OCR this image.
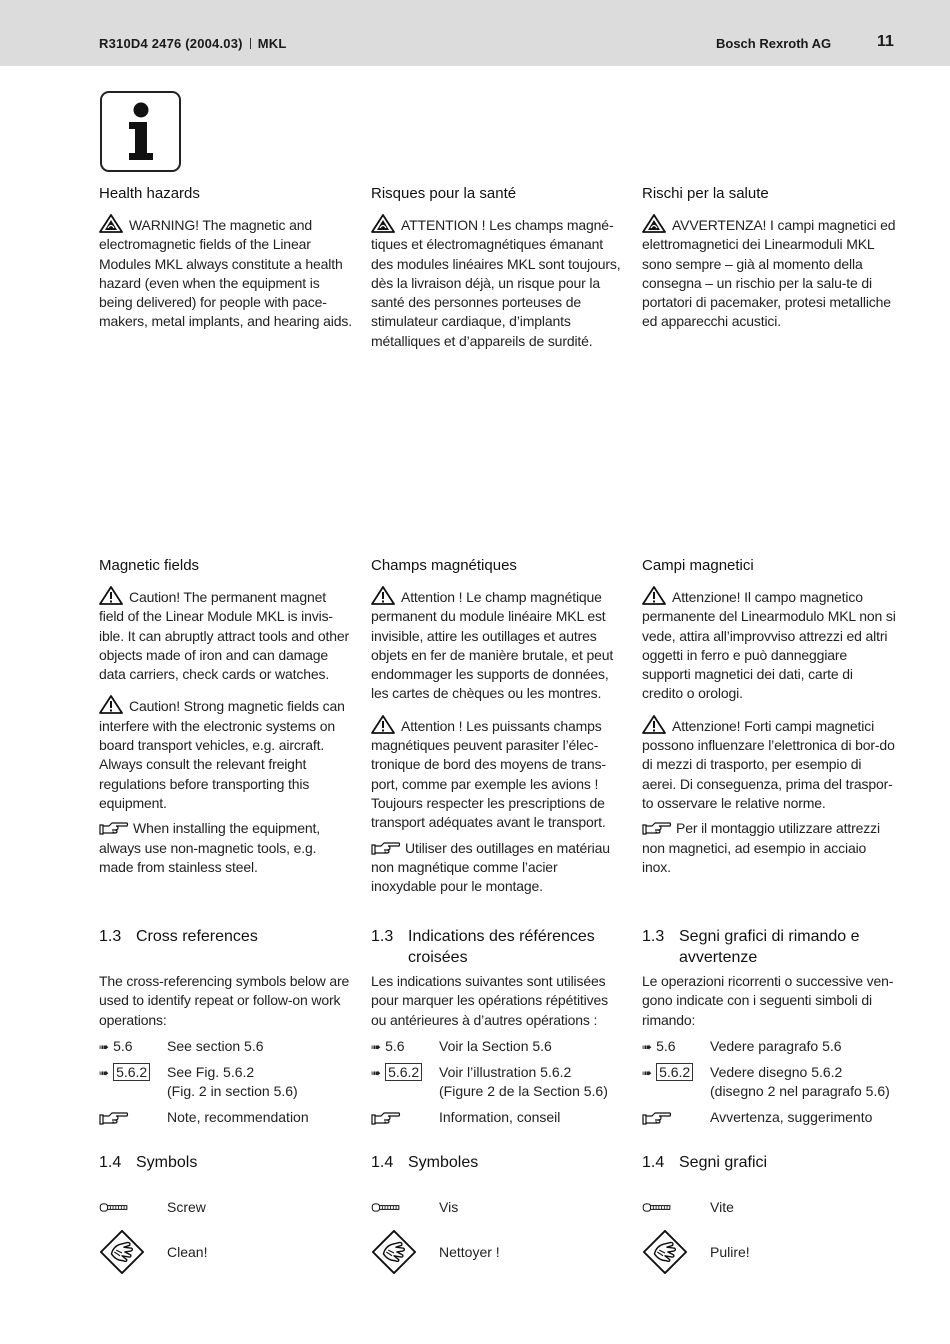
R310D4 2476 (2004.03) MKL	Bosch Rexroth AG	11
Health hazards

WARNING! The magnetic and electromagnetic fields of the Linear Modules MKL always constitute a health hazard (even when the equipment is being delivered) for people with pace-makers, metal implants, and hearing aids.

Magnetic fields

Caution! The permanent magnet field of the Linear Module MKL is invis-ible. It can abruptly attract tools and other objects made of iron and can damage data carriers, check cards or watches.

Caution! Strong magnetic fields can interfere with the electronic systems on board transport vehicles, e.g. aircraft. Always consult the relevant freight regulations before transporting this equipment.

When installing the equipment, always use non-magnetic tools, e.g. made from stainless steel.

1.3 Cross references

The cross-referencing symbols below are used to identify repeat or follow-on work operations:

➠ 5.6 See section 5.6
➠ 5.6.2 See Fig. 5.6.2
(Fig. 2 in section 5.6)
Note, recommendation
1.4 Symbols
Screw
Clean!
Risques pour la santé

ATTENTION ! Les champs magné-tiques et électromagnétiques émanant des modules linéaires MKL sont toujours, dès la livraison déjà, un risque pour la santé des personnes porteuses de stimulateur cardiaque, d’implants métalliques et d’appareils de surdité.

Champs magnétiques

Attention ! Le champ magnétique permanent du module linéaire MKL est invisible, attire les outillages et autres objets en fer de manière brutale, et peut endommager les supports de données, les cartes de chèques ou les montres.

Attention ! Les puissants champs magnétiques peuvent parasiter l’élec-tronique de bord des moyens de trans-port, comme par exemple les avions ! Toujours respecter les prescriptions de transport adéquates avant le transport.

Utiliser des outillages en matériau non magnétique comme l’acier inoxydable pour le montage.

1.3 Indications des références croisées

Les indications suivantes sont utilisées pour marquer les opérations répétitives ou antérieures à d’autres opérations :

➠ 5.6 Voir la Section 5.6
➠ 5.6.2 Voir l’illustration 5.6.2
(Figure 2 de la Section 5.6)
Information, conseil
1.4 Symboles
Vis
Nettoyer !
Rischi per la salute

AVVERTENZA! I campi magnetici ed elettromagnetici dei Linearmoduli MKL sono sempre – già al momento della consegna – un rischio per la salu-te di portatori di pacemaker, protesi metalliche ed apparecchi acustici.

Campi magnetici

Attenzione! Il campo magnetico permanente del Linearmodulo MKL non si vede, attira all’improvviso attrezzi ed altri oggetti in ferro e può danneggiare supporti magnetici dei dati, carte di credito o orologi.

Attenzione! Forti campi magnetici possono influenzare l’elettronica di bor-do di mezzi di trasporto, per esempio di aerei. Di conseguenza, prima del traspor-to osservare le relative norme.

Per il montaggio utilizzare attrezzi non magnetici, ad esempio in acciaio inox.

1.3 Segni grafici di rimando e avvertenze

Le operazioni ricorrenti o successive ven-gono indicate con i seguenti simboli di rimando:

➠ 5.6 Vedere paragrafo 5.6
➠ 5.6.2 Vedere disegno 5.6.2
(disegno 2 nel paragrafo 5.6)
Avvertenza, suggerimento
1.4 Segni grafici
Vite
Pulire!
